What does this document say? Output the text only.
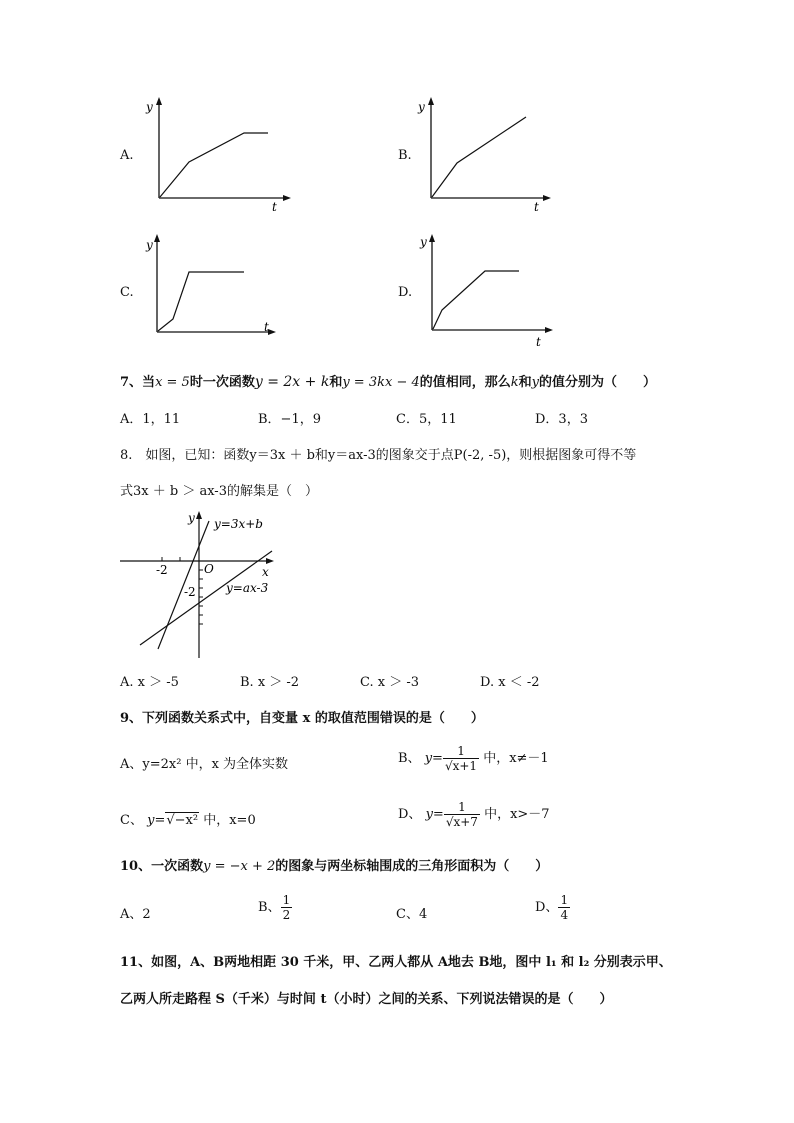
A.
y
t
B.
y
t
C.
y
t
D.
y
t
7、当x = 5时一次函数y = 2x + k和y = 3kx − 4的值相同，那么k和y的值分别为（　　）
A．1，11	B．−1，9	C．5，11	D．3，3
8.　如图，已知：函数y＝3x ＋ b和y＝ax-3的图象交于点P(-2, -5)，则根据图象可得不等
式3x ＋ b ＞ ax-3的解集是（　）
y y=3x+b
O	x
-2
-2	y=ax-3
A. x ＞ -5	B. x ＞ -2	C. x ＞ -3	D. x ＜ -2
9、下列函数关系式中，自变量 x 的取值范围错误的是（　　）
A、y=2x² 中，x 为全体实数	B、 $y= \frac{1}{√x+1}$ 中，x≠－1
C、 y=√−x² 中，x=0	D、 $y= \frac{1}{√x+7}$ 中，x>－7
10、一次函数y = −x + 2的图象与两坐标轴围成的三角形面积为（　　）
A、2	B、 $\frac{1}{2}$	C、4	D、 $\frac{1}{4}$
11、如图，A、B两地相距 30 千米，甲、乙两人都从 A地去 B地，图中 l₁ 和 l₂ 分别表示甲、
乙两人所走路程 S（千米）与时间 t（小时）之间的关系、下列说法错误的是（　　）
